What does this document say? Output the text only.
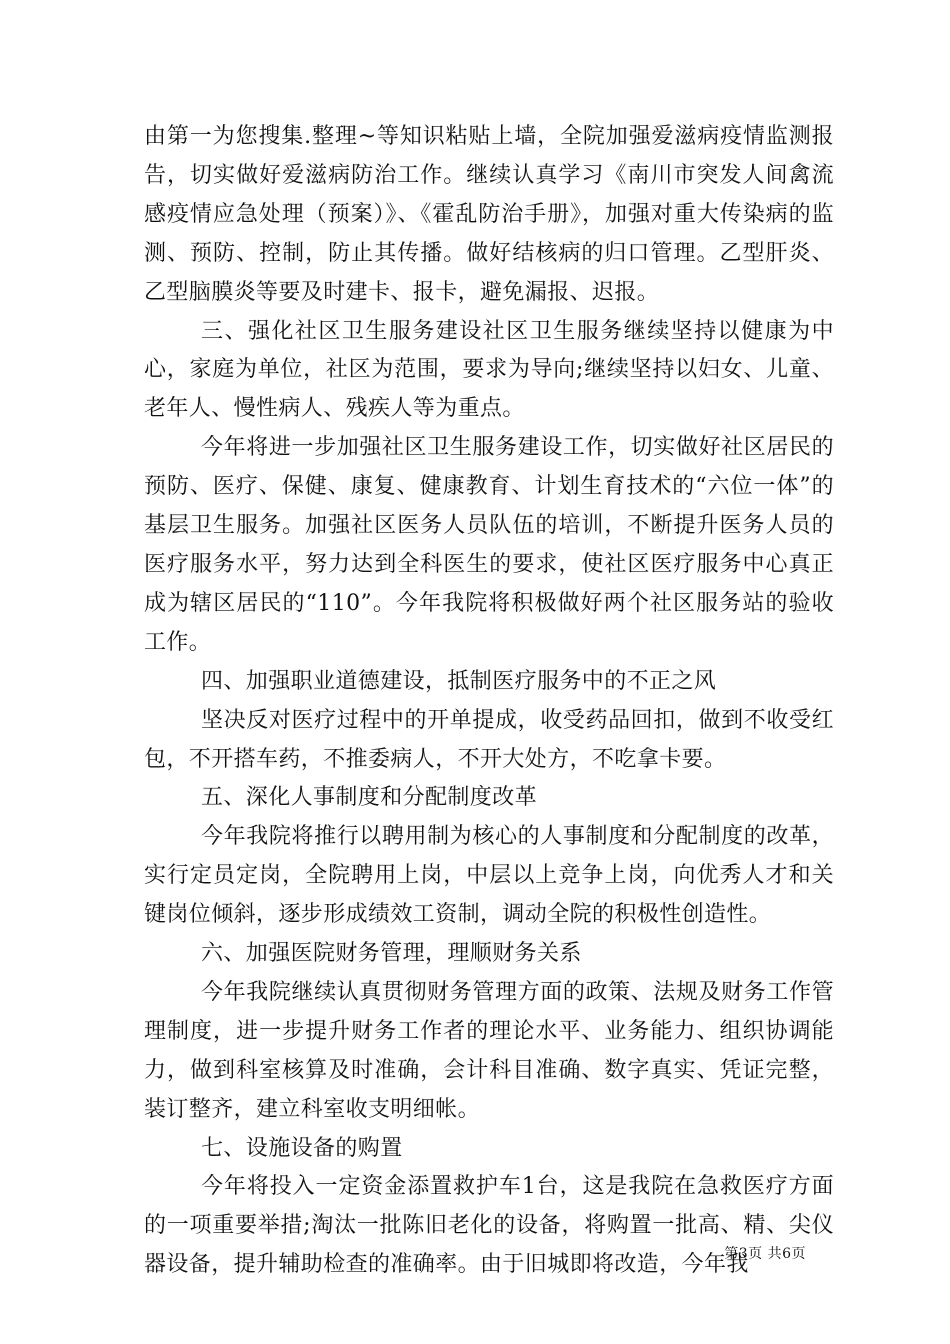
由第一为您搜集.整理~等知识粘贴上墙，全院加强爱滋病疫情监测报告，切实做好爱滋病防治工作。继续认真学习《南川市突发人间禽流感疫情应急处理（预案）》、《霍乱防治手册》，加强对重大传染病的监测、预防、控制，防止其传播。做好结核病的归口管理。乙型肝炎、乙型脑膜炎等要及时建卡、报卡，避免漏报、迟报。

三、强化社区卫生服务建设社区卫生服务继续坚持以健康为中心，家庭为单位，社区为范围，要求为导向;继续坚持以妇女、儿童、老年人、慢性病人、残疾人等为重点。

今年将进一步加强社区卫生服务建设工作，切实做好社区居民的预防、医疗、保健、康复、健康教育、计划生育技术的“六位一体”的基层卫生服务。加强社区医务人员队伍的培训，不断提升医务人员的医疗服务水平，努力达到全科医生的要求，使社区医疗服务中心真正成为辖区居民的“110”。今年我院将积极做好两个社区服务站的验收工作。

四、加强职业道德建设，抵制医疗服务中的不正之风

坚决反对医疗过程中的开单提成，收受药品回扣，做到不收受红包，不开搭车药，不推委病人，不开大处方，不吃拿卡要。

五、深化人事制度和分配制度改革

今年我院将推行以聘用制为核心的人事制度和分配制度的改革，实行定员定岗，全院聘用上岗，中层以上竞争上岗，向优秀人才和关键岗位倾斜，逐步形成绩效工资制，调动全院的积极性创造性。

六、加强医院财务管理，理顺财务关系

今年我院继续认真贯彻财务管理方面的政策、法规及财务工作管理制度，进一步提升财务工作者的理论水平、业务能力、组织协调能力，做到科室核算及时准确，会计科目准确、数字真实、凭证完整，装订整齐，建立科室收支明细帐。

七、设施设备的购置

今年将投入一定资金添置救护车1台，这是我院在急救医疗方面的一项重要举措;淘汰一批陈旧老化的设备，将购置一批高、精、尖仪器设备，提升辅助检查的准确率。由于旧城即将改造，今年我

第3页 共6页
